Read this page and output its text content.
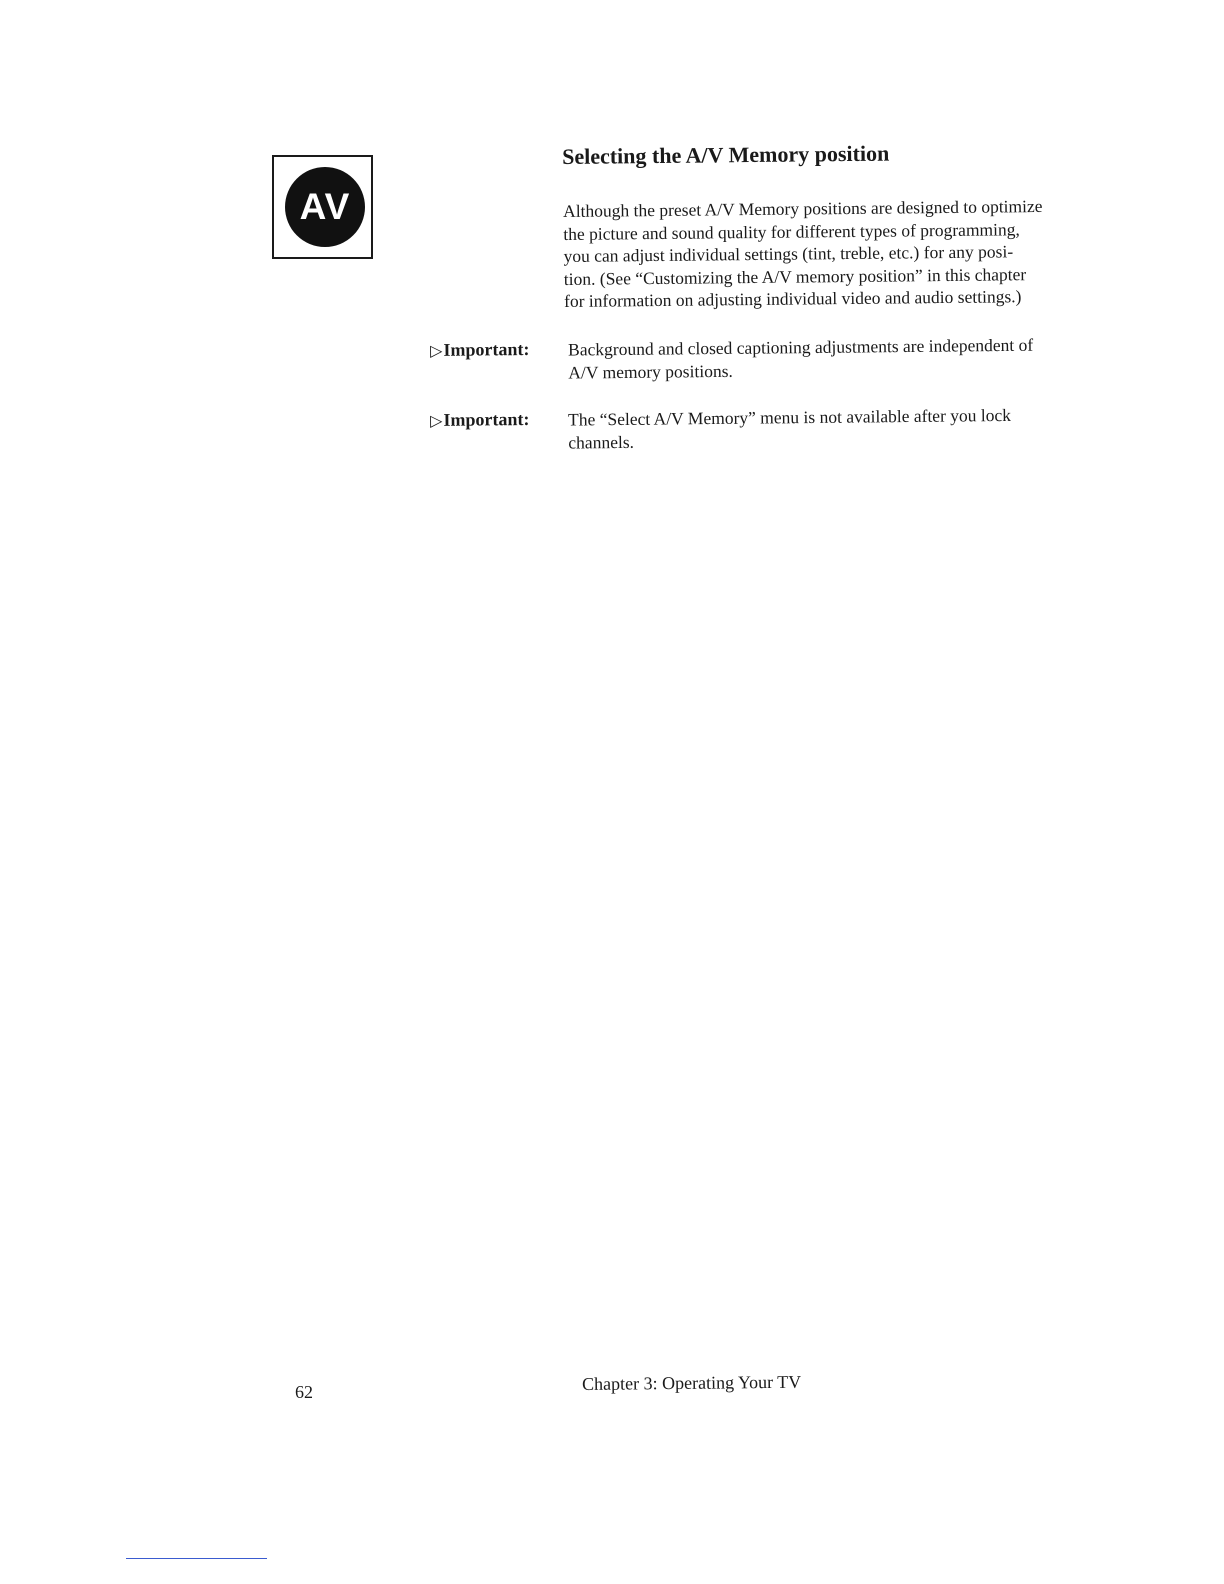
AV
Selecting the A/V Memory position

Although the preset A/V Memory positions are designed to optimize
the picture and sound quality for different types of programming,
you can adjust individual settings (tint, treble, etc.) for any posi-
tion. (See “Customizing the A/V memory position” in this chapter
for information on adjusting individual video and audio settings.)

▷Important: Background and closed captioning adjustments are independent of
A/V memory positions.

▷Important: The “Select A/V Memory” menu is not available after you lock
channels.

62	Chapter 3: Operating Your TV
